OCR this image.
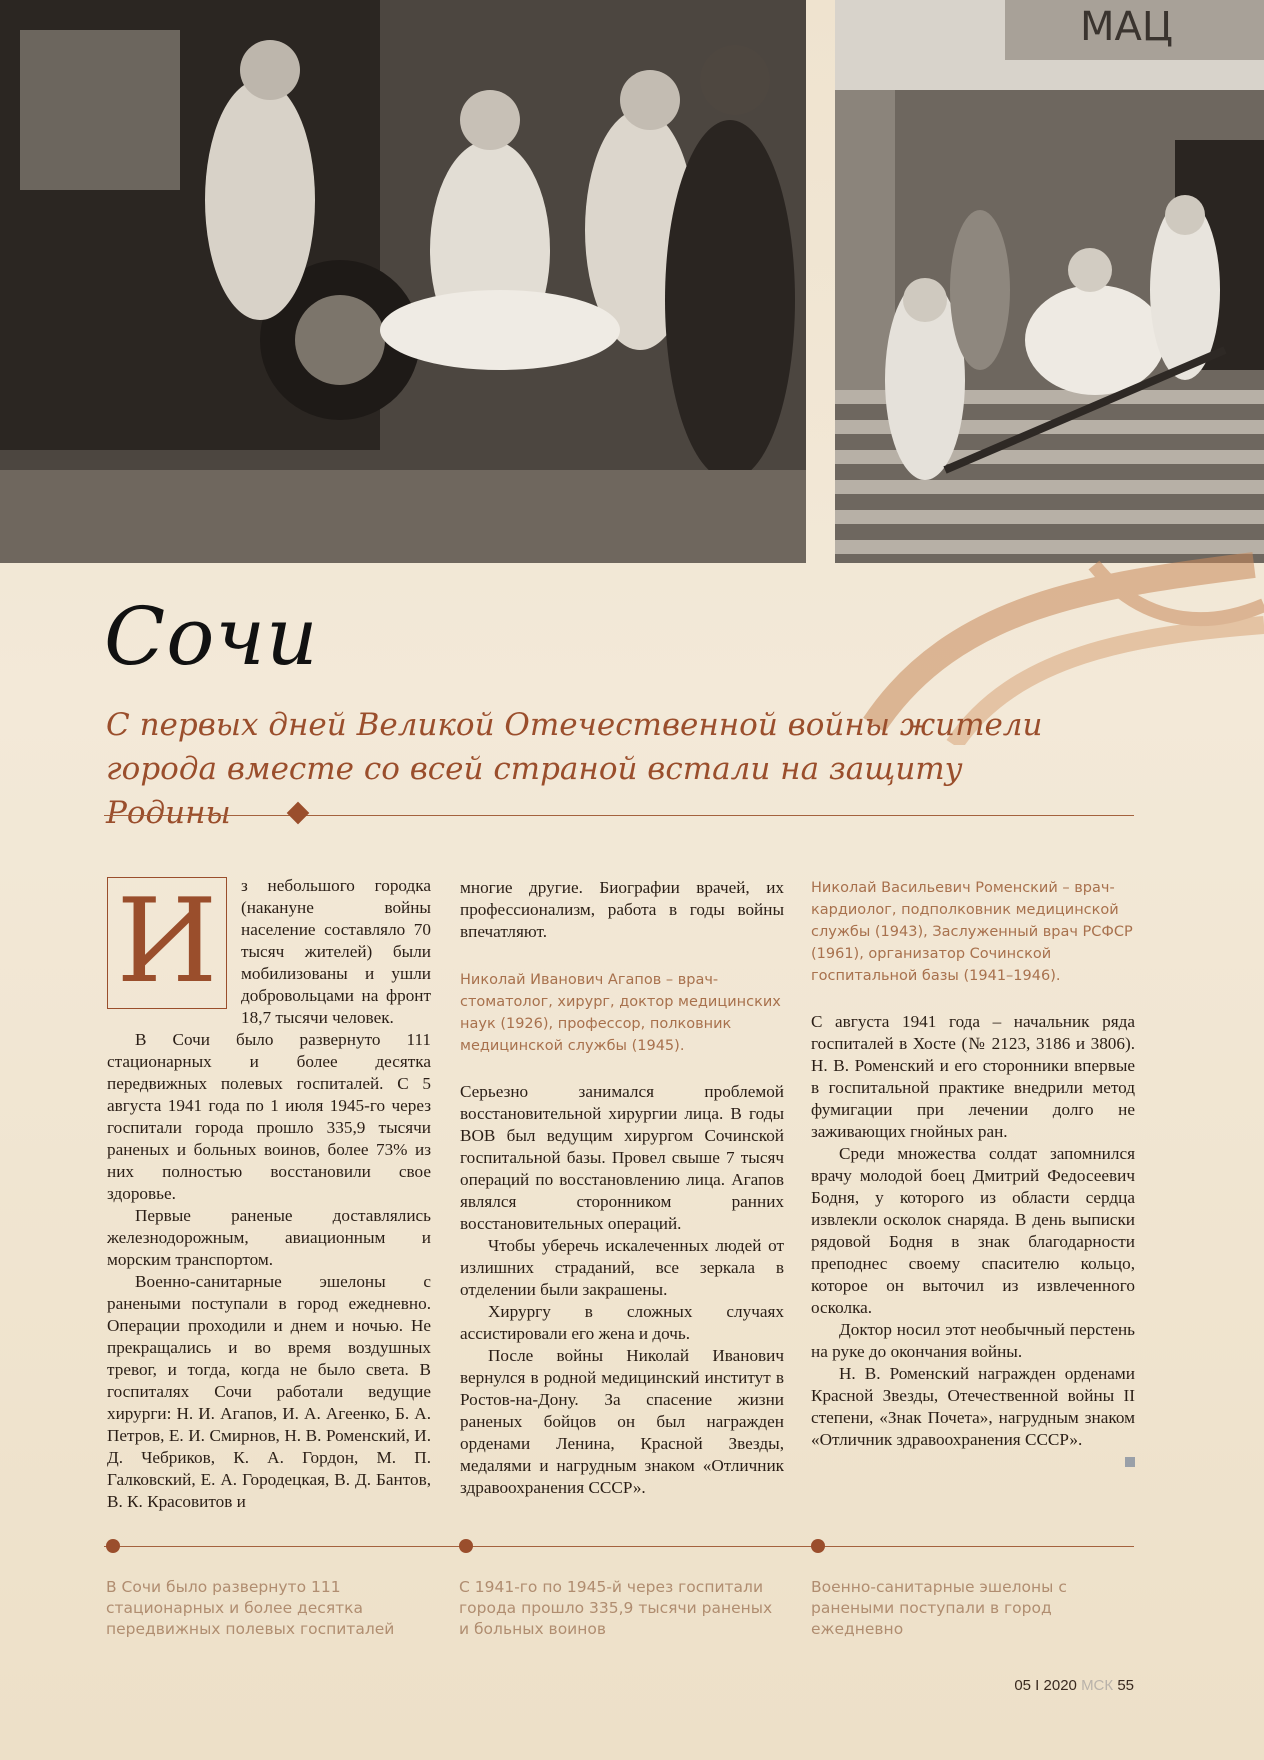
МАЦ
Сочи
С первых дней Великой Отечественной войны жители города вместе со всей страной встали на защиту Родины
И	з небольшого городка (накануне войны население составляло 70 тысяч жителей) были мобилизованы и ушли добровольцами на фронт 18,7 тысячи человек.

В Сочи было развернуто 111 стационарных и более десятка передвижных полевых госпиталей. С 5 августа 1941 года по 1 июля 1945-го через госпитали города прошло 335,9 тысячи раненых и больных воинов, более 73% из них полностью восстановили свое здоровье.

Первые раненые доставлялись железнодорожным, авиационным и морским транспортом.

Военно-санитарные эшелоны с ранеными поступали в город ежедневно. Операции проходили и днем и ночью. Не прекращались и во время воздушных тревог, и тогда, когда не было света. В госпиталях Сочи работали ведущие хирурги: Н. И. Агапов, И. А. Агеенко, Б. А. Петров, Е. И. Смирнов, Н. В. Роменский, И. Д. Чебриков, К. А. Гордон, М. П. Галковский, Е. А. Городецкая, В. Д. Бантов, В. К. Красовитов и

многие другие. Биографии врачей, их профессионализм, работа в годы войны впечатляют.

Николай Иванович Агапов – врач-стоматолог, хирург, доктор медицинских наук (1926), профессор, полковник медицинской службы (1945).

Серьезно занимался проблемой восстановительной хирургии лица. В годы ВОВ был ведущим хирургом Сочинской госпитальной базы. Провел свыше 7 тысяч операций по восстановлению лица. Агапов являлся сторонником ранних восстановительных операций.

Чтобы уберечь искалеченных людей от излишних страданий, все зеркала в отделении были закрашены.

Хирургу в сложных случаях ассистировали его жена и дочь.

После войны Николай Иванович вернулся в родной медицинский институт в Ростов-на-Дону. За спасение жизни раненых бойцов он был награжден орденами Ленина, Красной Звезды, медалями и нагрудным знаком «Отличник здравоохранения СССР».

Николай Васильевич Роменский – врач-кардиолог, подполковник медицинской службы (1943), Заслуженный врач РСФСР (1961), организатор Сочинской госпитальной базы (1941–1946).

С августа 1941 года – начальник ряда госпиталей в Хосте (№ 2123, 3186 и 3806). Н. В. Роменский и его сторонники впервые в госпитальной практике внедрили метод фумигации при лечении долго не заживающих гнойных ран.

Среди множества солдат запомнился врачу молодой боец Дмитрий Федосеевич Бодня, у которого из области сердца извлекли осколок снаряда. В день выписки рядовой Бодня в знак благодарности преподнес своему спасителю кольцо, которое он выточил из извлеченного осколка.

Доктор носил этот необычный перстень на руке до окончания войны.

Н. В. Роменский награжден орденами Красной Звезды, Отечественной войны II степени, «Знак Почета», нагрудным знаком «Отличник здравоохранения СССР».

В Сочи было развернуто 111 стационарных и более десятка передвижных полевых госпиталей
С 1941-го по 1945-й через госпитали города прошло 335,9 тысячи раненых и больных воинов
Военно-санитарные эшелоны с ранеными поступали в город ежедневно
05 I 2020 МСК 55
